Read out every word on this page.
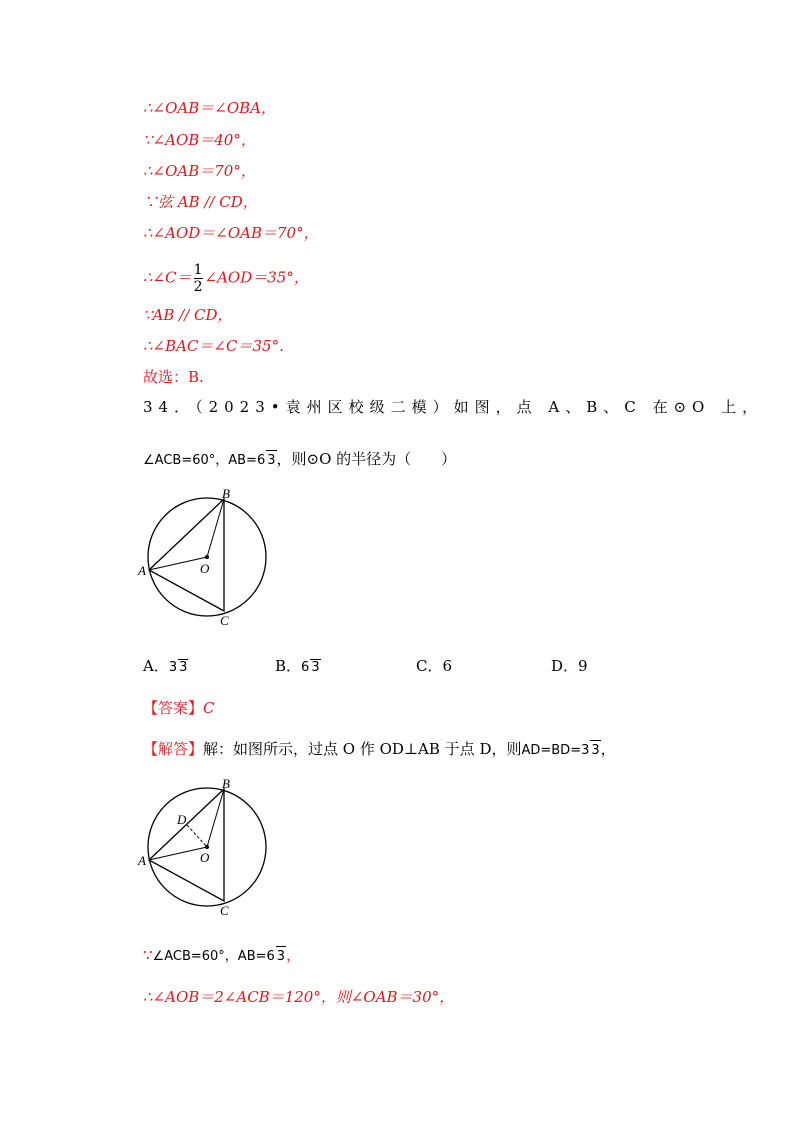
∴∠OAB＝∠OBA，
∵∠AOB＝40°，
∴∠OAB＝70°，
∵弦 AB // CD，
∴∠AOD＝∠OAB＝70°，
∴∠C＝ $\frac{1}{2}$ ∠AOD＝35°，
∵AB // CD，
∴∠BAC＝∠C＝35°.
故选：B.
34．（2023•袁州区校级二模）如图，点 A、B、C 在⊙O 上，
∠ACB=60°，AB=6 3，则⊙O 的半径为（　　）
B
A
C
O
A．3 3	B．6 3	C．6	D．9
【答案】C
【解答】解：如图所示，过点 O 作 OD⊥AB 于点 D，则AD=BD=3 3，
B
A
C
O
D
∵∠ACB=60°，AB=6 3，
∴∠AOB＝2∠ACB＝120°，则∠OAB＝30°，
